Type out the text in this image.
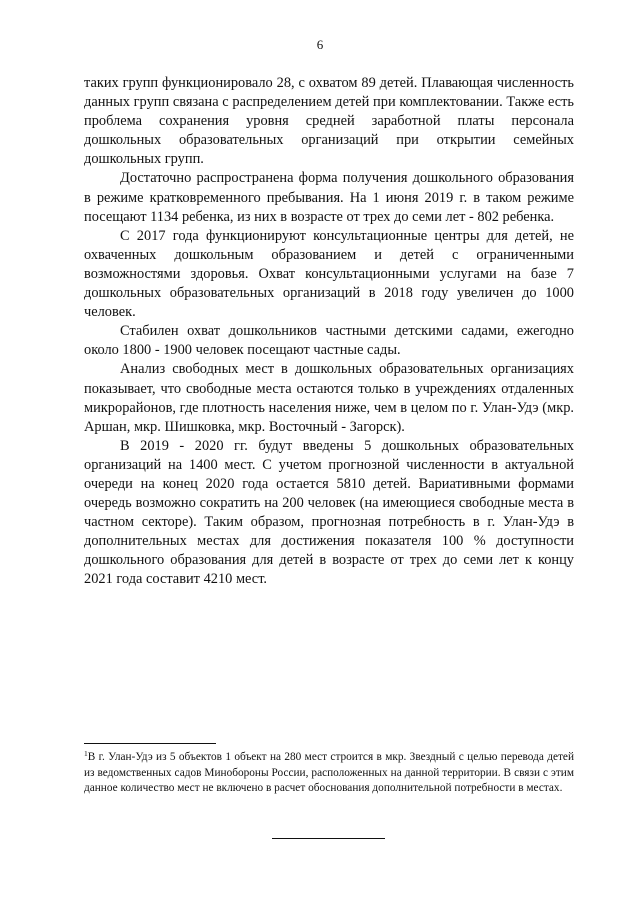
6

таких групп функционировало 28, с охватом 89 детей. Плавающая численность данных групп связана с распределением детей при комплектовании. Также есть проблема сохранения уровня средней заработной платы персонала дошкольных образовательных организаций при открытии семейных дошкольных групп.

Достаточно распространена форма получения дошкольного образования в режиме кратковременного пребывания. На 1 июня 2019 г. в таком режиме посещают 1134 ребенка, из них в возрасте от трех до семи лет - 802 ребенка.

С 2017 года функционируют консультационные центры для детей, не охваченных дошкольным образованием и детей с ограниченными возможностями здоровья. Охват консультационными услугами на базе 7 дошкольных образовательных организаций в 2018 году увеличен до 1000 человек.

Стабилен охват дошкольников частными детскими садами, ежегодно около 1800 - 1900 человек посещают частные сады.

Анализ свободных мест в дошкольных образовательных организациях показывает, что свободные места остаются только в учреждениях отдаленных микрорайонов, где плотность населения ниже, чем в целом по г. Улан-Удэ (мкр. Аршан, мкр. Шишковка, мкр. Восточный - Загорск).

В 2019 - 2020 гг. будут введены 5 дошкольных образовательных организаций на 1400 мест. С учетом прогнозной численности в актуальной очереди на конец 2020 года остается 5810 детей. Вариативными формами очередь возможно сократить на 200 человек (на имеющиеся свободные места в частном секторе). Таким образом, прогнозная потребность в г. Улан-Удэ в дополнительных местах для достижения показателя 100 % доступности дошкольного образования для детей в возрасте от трех до семи лет к концу 2021 года составит 4210 мест.

$^1$В г. Улан-Удэ из 5 объектов 1 объект на 280 мест строится в мкр. Звездный с целью перевода детей из ведомственных садов Минобороны России, расположенных на данной территории. В связи с этим данное количество мест не включено в расчет обоснования дополнительной потребности в местах.
